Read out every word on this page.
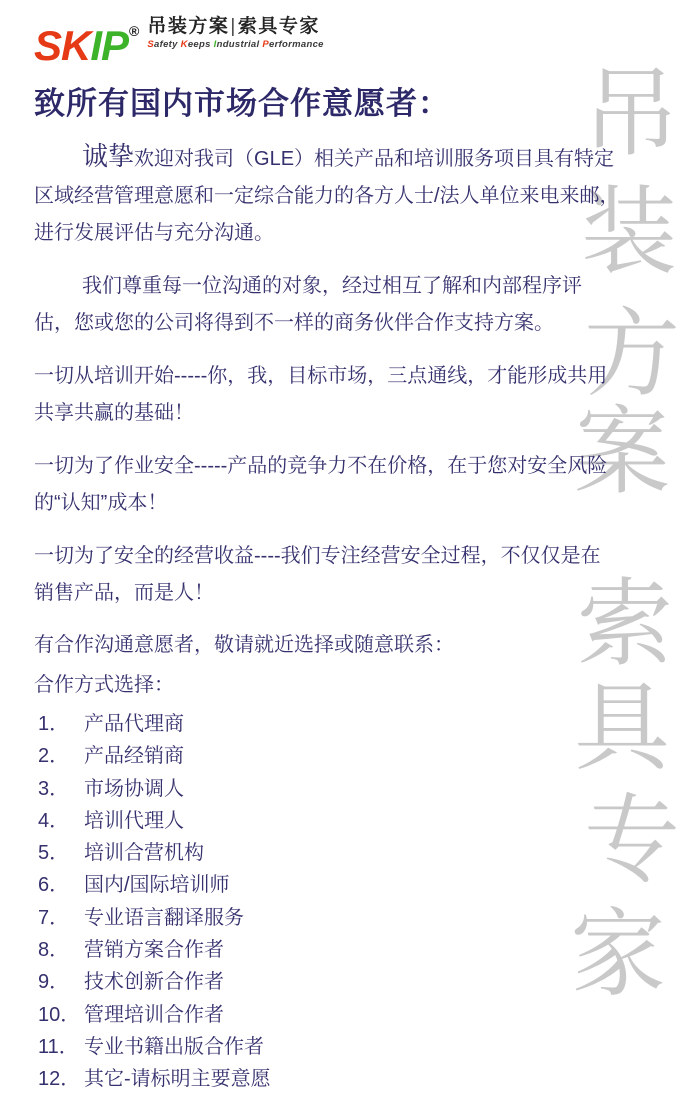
吊
装
方
案
索
具
专
家
SKIP® 吊装方案|索具专家
Safety Keeps Industrial Performance
致所有国内市场合作意愿者：

诚挚欢迎对我司（GLE）相关产品和培训服务项目具有特定区域经营管理意愿和一定综合能力的各方人士/法人单位来电来邮，进行发展评估与充分沟通。

我们尊重每一位沟通的对象，经过相互了解和内部程序评估，您或您的公司将得到不一样的商务伙伴合作支持方案。

一切从培训开始-----你，我，目标市场，三点通线，才能形成共用共享共赢的基础！

一切为了作业安全-----产品的竞争力不在价格，在于您对安全风险的“认知”成本！

一切为了安全的经营收益----我们专注经营安全过程，不仅仅是在销售产品，而是人！

有合作沟通意愿者，敬请就近选择或随意联系：

合作方式选择：

1． 产品代理商
2． 产品经销商
3． 市场协调人
4． 培训代理人
5． 培训合营机构
6． 国内/国际培训师
7． 专业语言翻译服务
8． 营销方案合作者
9． 技术创新合作者
10． 管理培训合作者
11． 专业书籍出版合作者
12． 其它-请标明主要意愿
